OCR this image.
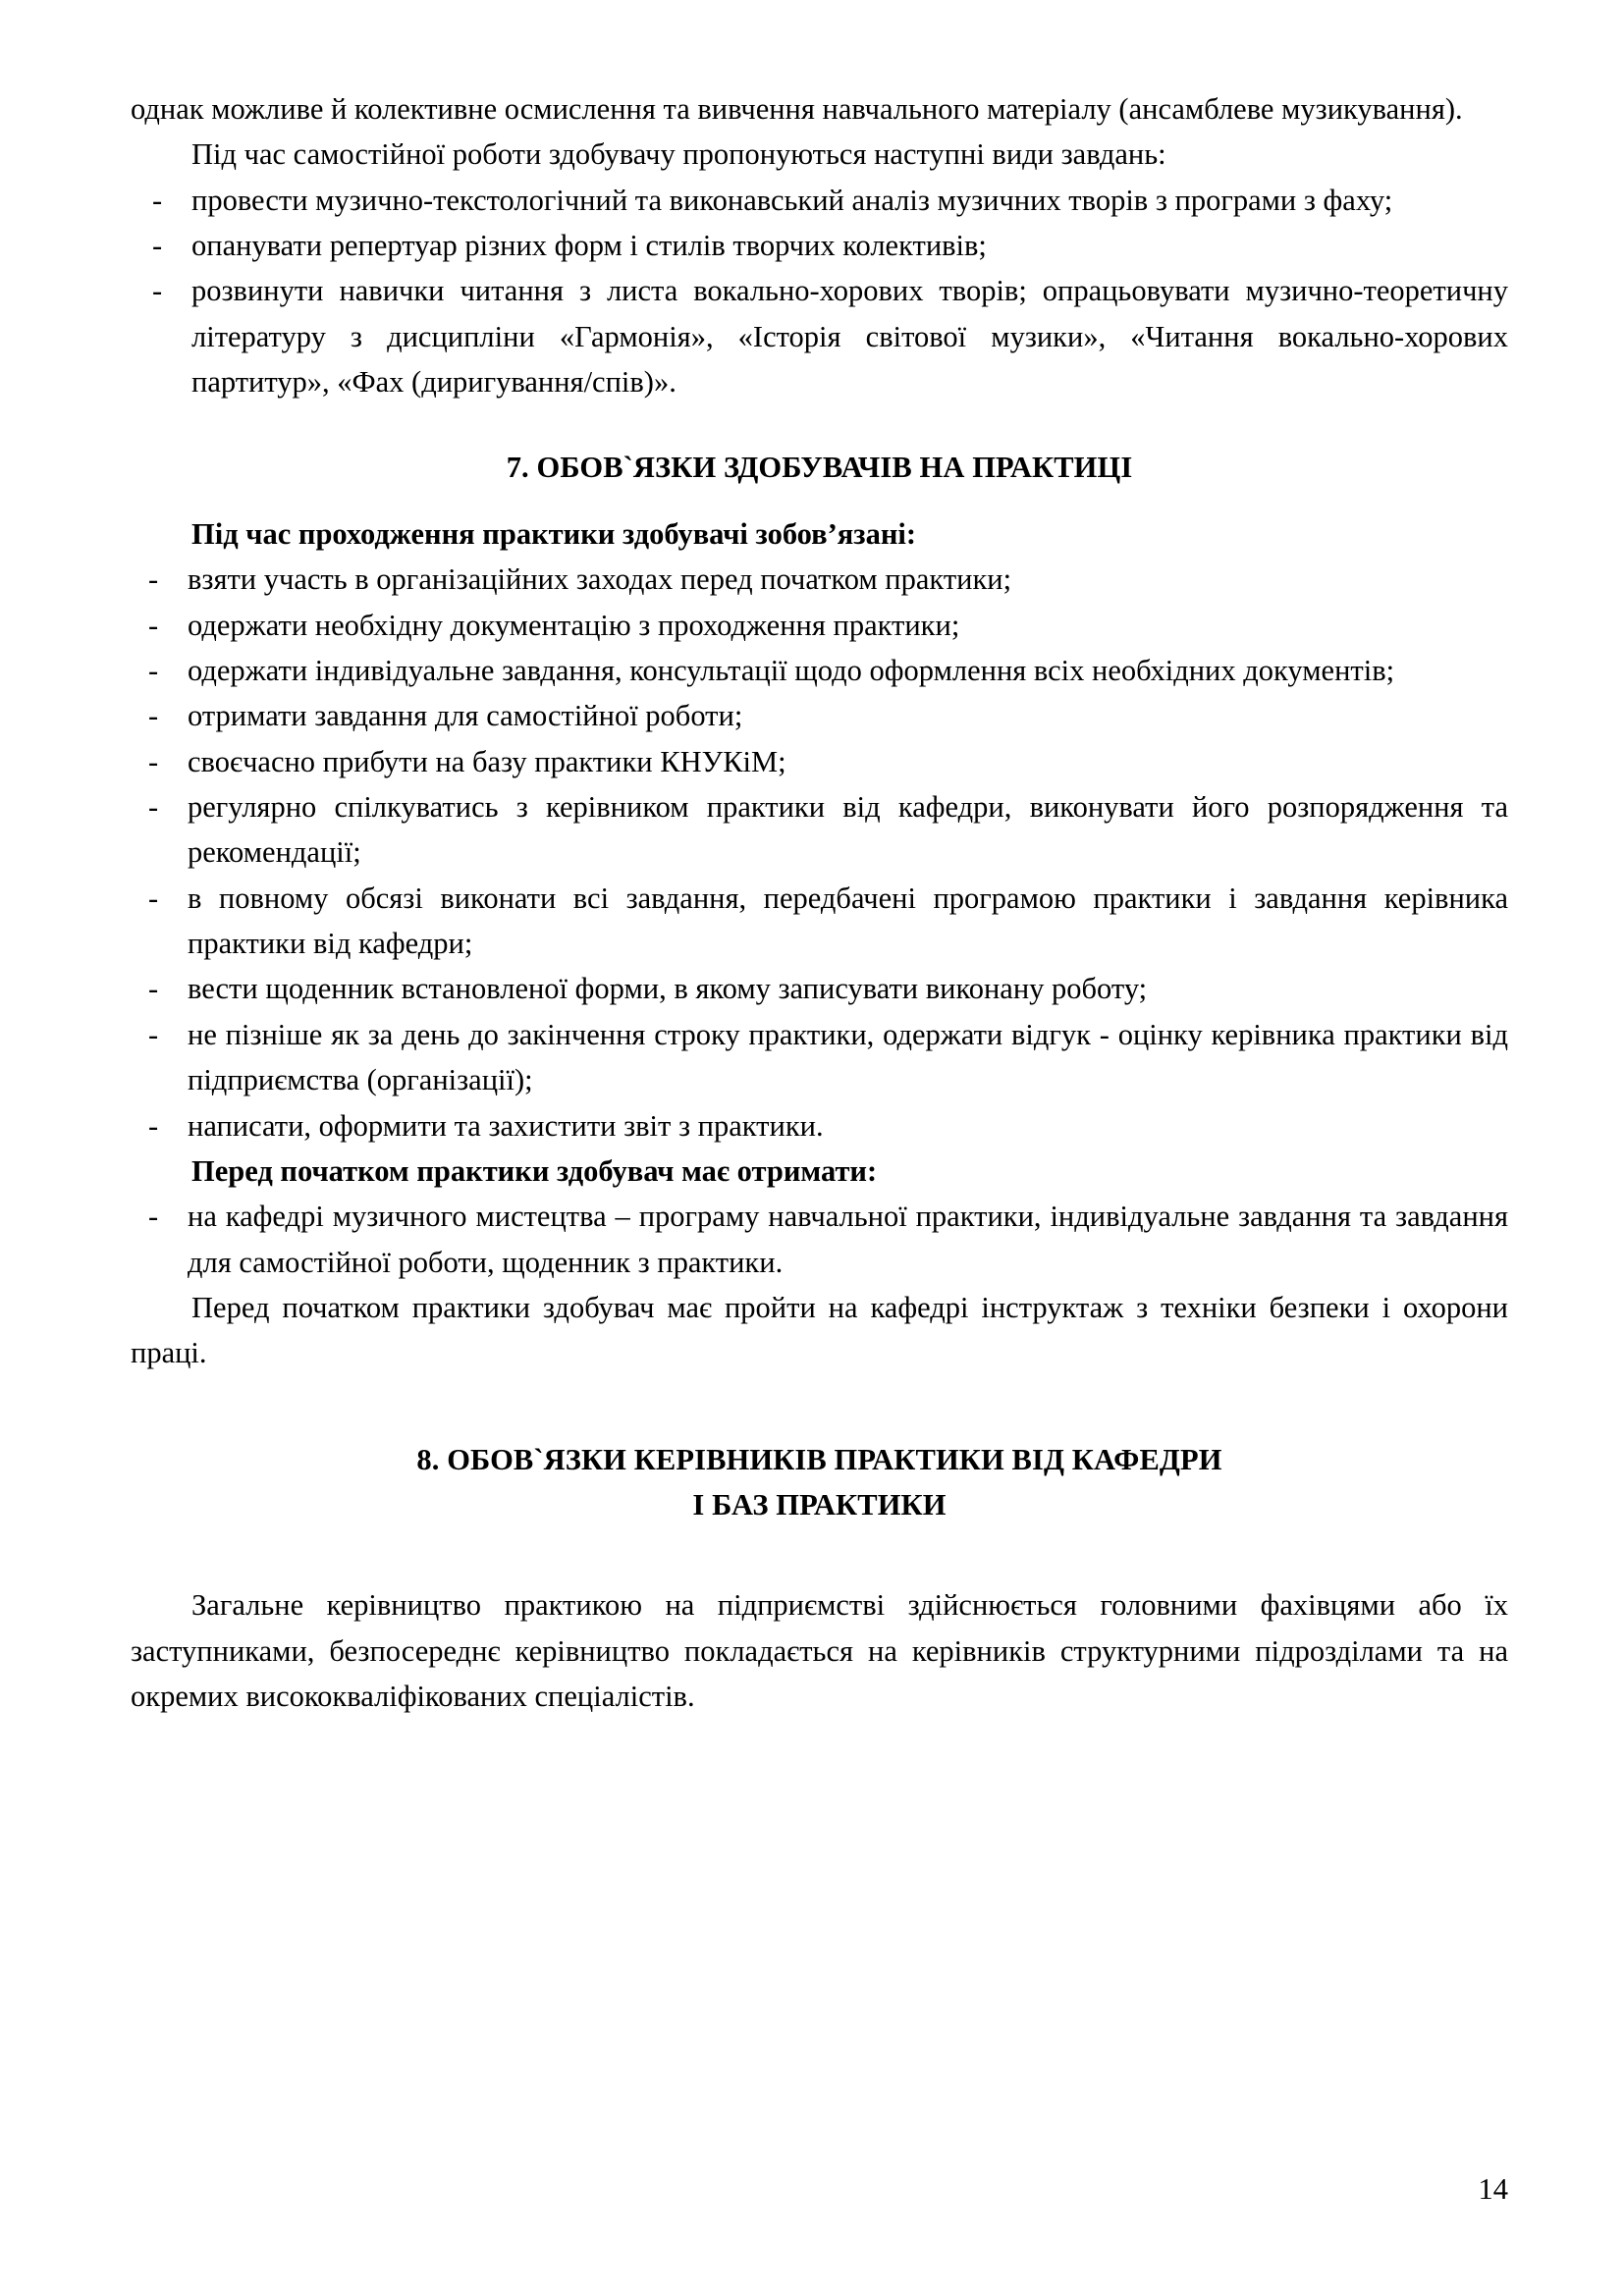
однак можливе й колективне осмислення та вивчення навчального матеріалу (ансамблеве музикування).

Під час самостійної роботи здобувачу пропонуються наступні види завдань:

- провести музично-текстологічний та виконавський аналіз музичних творів з програми з фаху;
- опанувати репертуар різних форм і стилів творчих колективів;
- розвинути навички читання з листа вокально-хорових творів; опрацьовувати музично-теоретичну літературу з дисципліни «Гармонія», «Історія світової музики», «Читання вокально-хорових партитур», «Фах (диригування/спів)».
7. ОБОВ`ЯЗКИ ЗДОБУВАЧІВ НА ПРАКТИЦІ

Під час проходження практики здобувачі зобов’язані:

- взяти участь в організаційних заходах перед початком практики;
- одержати необхідну документацію з проходження практики;
- одержати індивідуальне завдання, консультації щодо оформлення всіх необхідних документів;
- отримати завдання для самостійної роботи;
- своєчасно прибути на базу практики КНУКіМ;
- регулярно спілкуватись з керівником практики від кафедри, виконувати його розпорядження та рекомендації;
- в повному обсязі виконати всі завдання, передбачені програмою практики і завдання керівника практики від кафедри;
- вести щоденник встановленої форми, в якому записувати виконану роботу;
- не пізніше як за день до закінчення строку практики, одержати відгук - оцінку керівника практики від підприємства (організації);
- написати, оформити та захистити звіт з практики.

Перед початком практики здобувач має отримати:

- на кафедрі музичного мистецтва – програму навчальної практики, індивідуальне завдання та завдання для самостійної роботи, щоденник з практики.

Перед початком практики здобувач має пройти на кафедрі інструктаж з техніки безпеки і охорони праці.

8. ОБОВ`ЯЗКИ КЕРІВНИКІВ ПРАКТИКИ ВІД КАФЕДРИ
І БАЗ ПРАКТИКИ

Загальне керівництво практикою на підприємстві здійснюється головними фахівцями або їх заступниками, безпосереднє керівництво покладається на керівників структурними підрозділами та на окремих висококваліфікованих спеціалістів.

14
